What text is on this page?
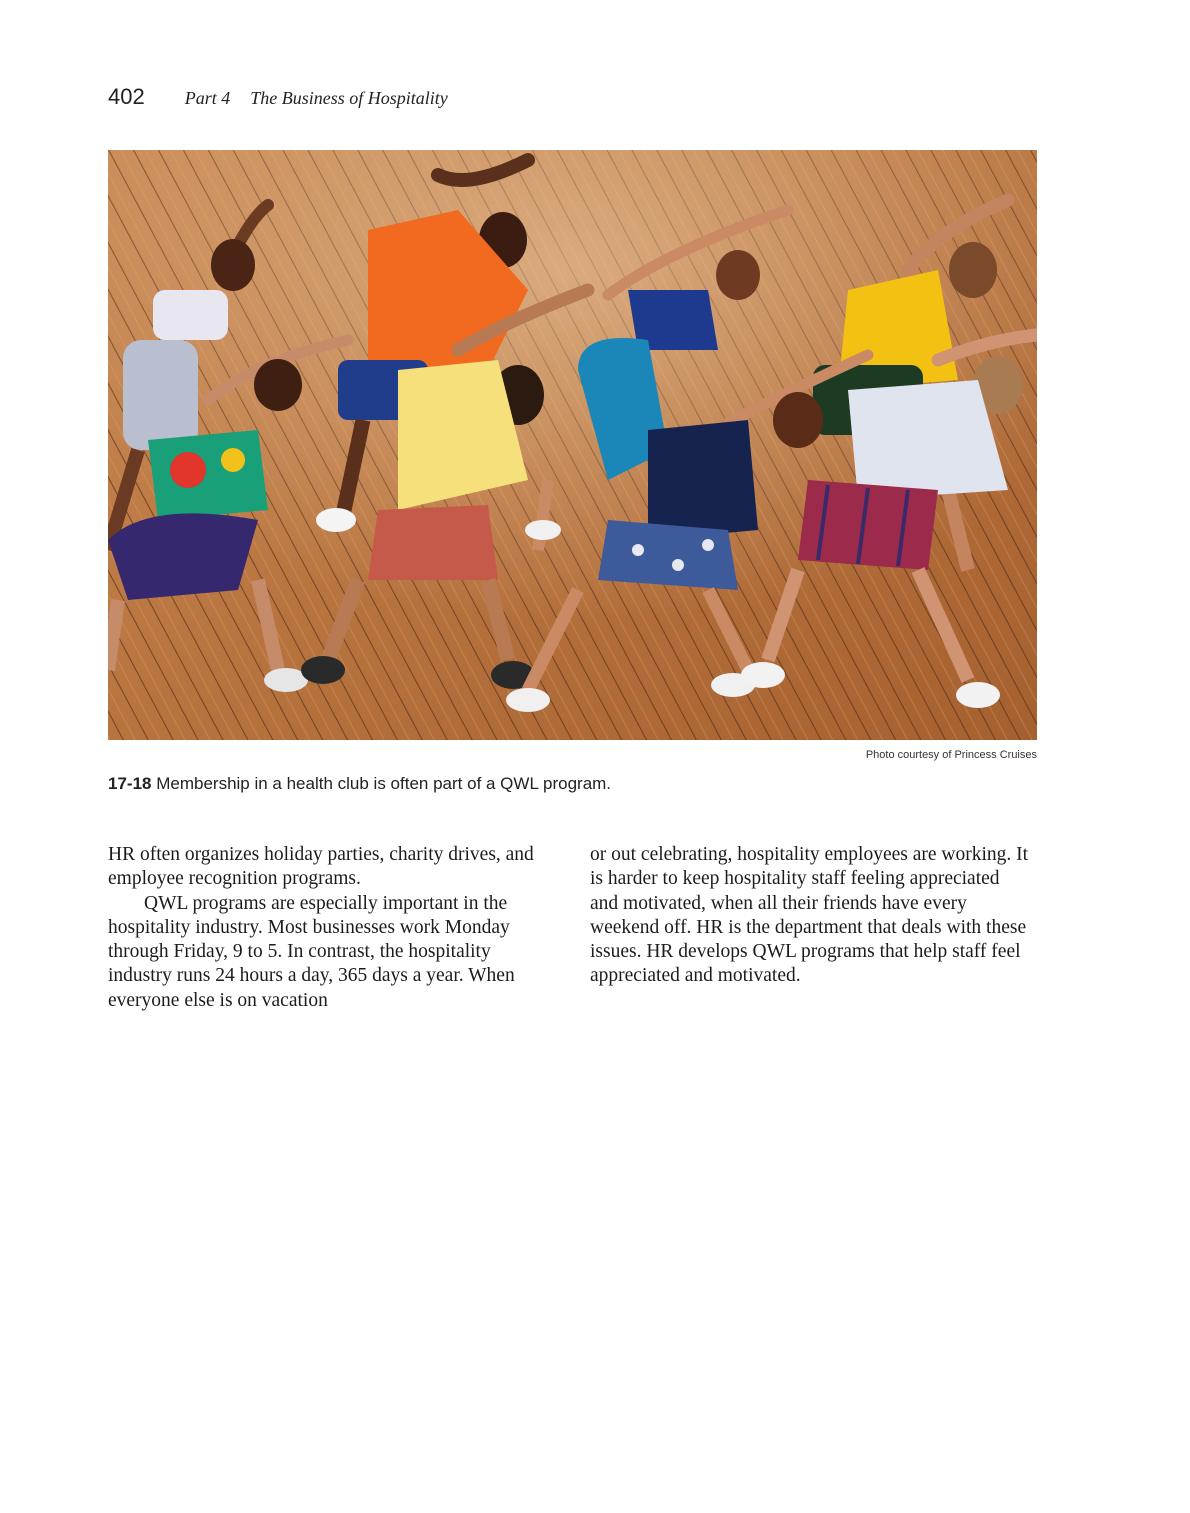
402 Part 4 The Business of Hospitality
Photo courtesy of Princess Cruises
17-18 Membership in a health club is often part of a QWL program.

HR often organizes holiday parties, charity drives, and employee recognition programs.

QWL programs are especially important in the hospitality industry. Most businesses work Monday through Friday, 9 to 5. In contrast, the hospitality industry runs 24 hours a day, 365 days a year. When everyone else is on vacation

or out celebrating, hospitality employees are working. It is harder to keep hospitality staff feeling appreciated and motivated, when all their friends have every weekend off. HR is the department that deals with these issues. HR develops QWL programs that help staff feel appreciated and motivated.
